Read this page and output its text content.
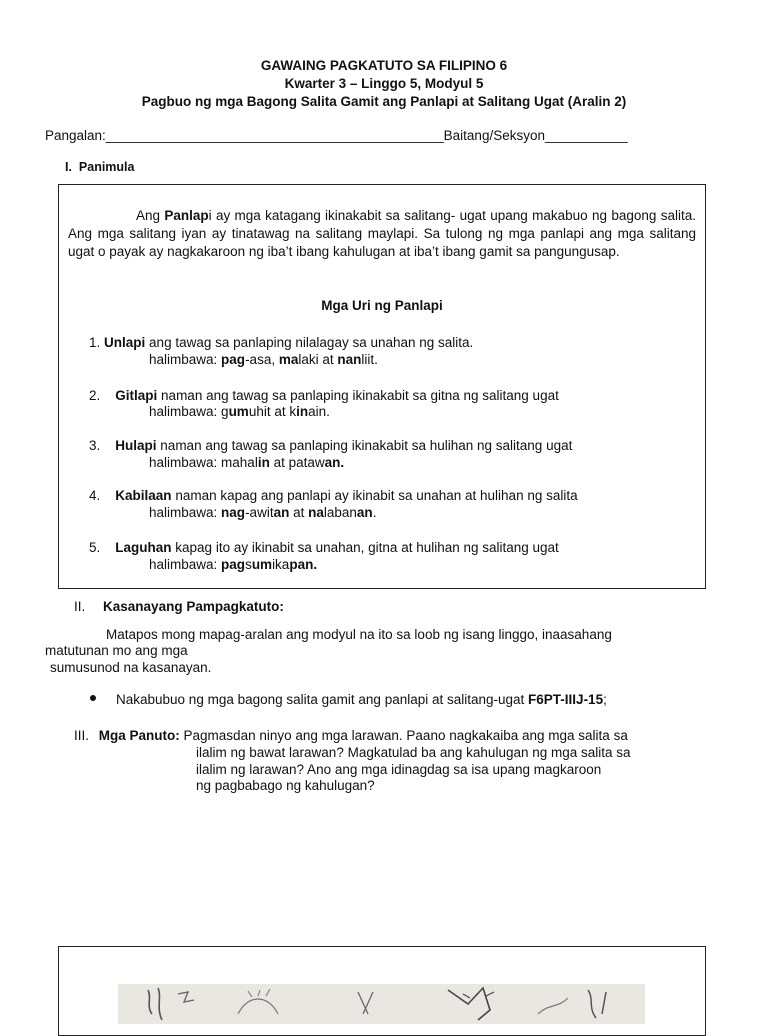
GAWAING PAGKATUTO SA FILIPINO 6
Kwarter 3 – Linggo 5, Modyul 5
Pagbuo ng mga Bagong Salita Gamit ang Panlapi at Salitang Ugat (Aralin 2)
Pangalan:_____________________________________________Baitang/Seksyon___________
I. Panimula
Ang Panlapi ay mga katagang ikinakabit sa salitang- ugat upang makabuo ng bagong salita. Ang mga salitang iyan ay tinatawag na salitang maylapi. Sa tulong ng mga panlapi ang mga salitang ugat o payak ay nagkakaroon ng iba’t ibang kahulugan at iba’t ibang gamit sa pangungusap.
Mga Uri ng Panlapi
1. Unlapi ang tawag sa panlaping nilalagay sa unahan ng salita.
halimbawa: pag-asa, malaki at nanliit.
2. Gitlapi naman ang tawag sa panlaping ikinakabit sa gitna ng salitang ugat
halimbawa: gumuhit at kinain.
3. Hulapi naman ang tawag sa panlaping ikinakabit sa hulihan ng salitang ugat
halimbawa: mahalin at patawan.
4. Kabilaan naman kapag ang panlapi ay ikinabit sa unahan at hulihan ng salita
halimbawa: nag-awitan at nalabanan.
5. Laguhan kapag ito ay ikinabit sa unahan, gitna at hulihan ng salitang ugat
halimbawa: pagsumikapan.
II. Kasanayang Pampagkatuto:
Matapos mong mapag-aralan ang modyul na ito sa loob ng isang linggo, inaasahang
matutunan mo ang mga
sumusunod na kasanayan.
Nakabubuo ng mga bagong salita gamit ang panlapi at salitang-ugat F6PT-IIIJ-15;
III. Mga Panuto: Pagmasdan ninyo ang mga larawan. Paano nagkakaiba ang mga salita sa
ilalim ng bawat larawan? Magkatulad ba ang kahulugan ng mga salita sa
ilalim ng larawan? Ano ang mga idinagdag sa isa upang magkaroon
ng pagbabago ng kahulugan?
